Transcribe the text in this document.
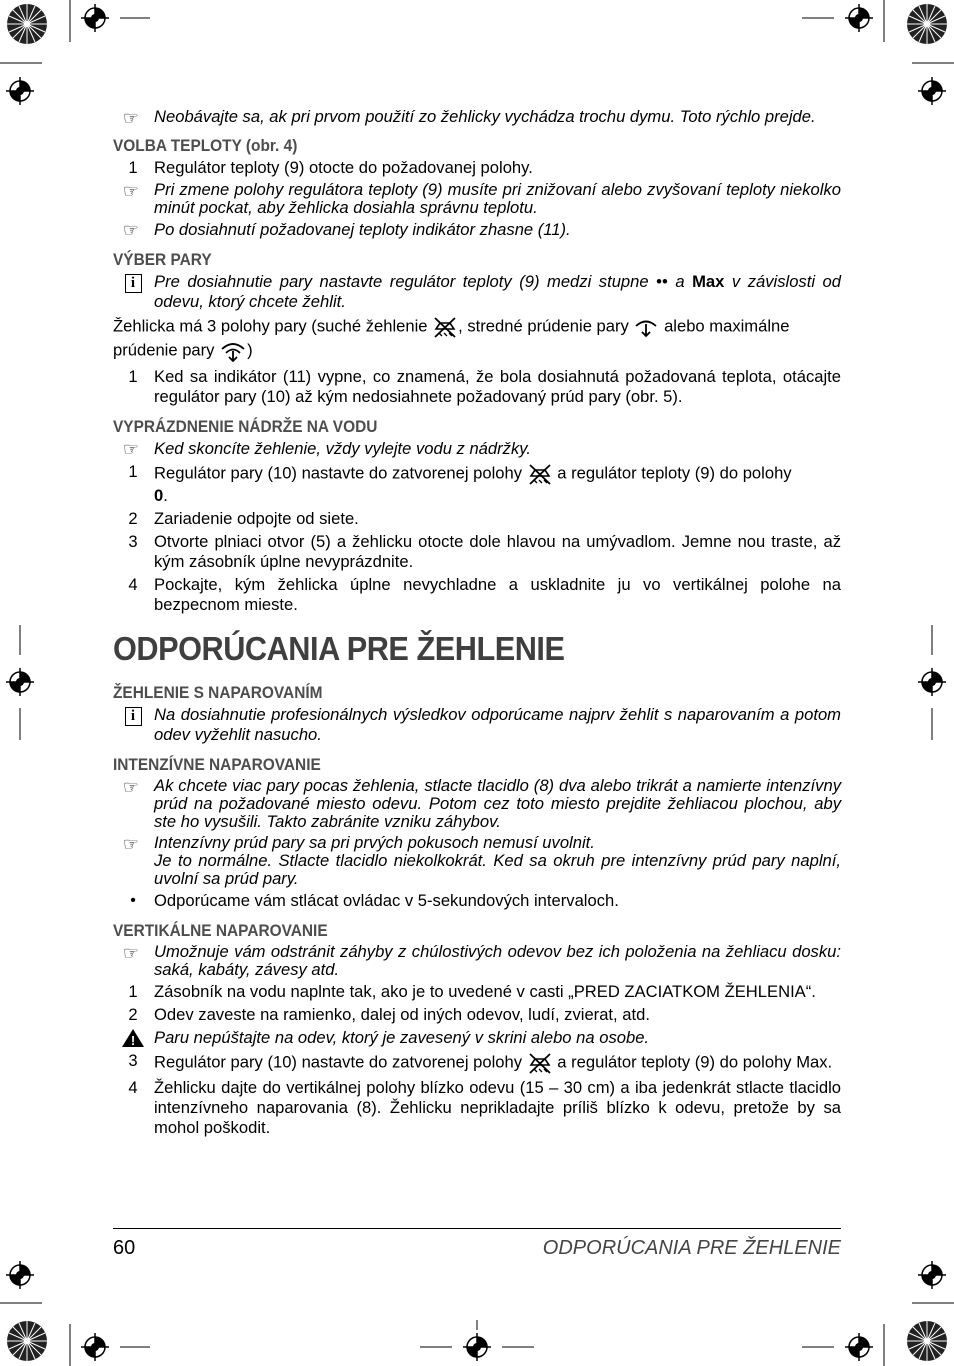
☞ Neobávajte sa, ak pri prvom použití zo žehlicky vychádza trochu dymu. Toto rýchlo prejde.
VOLBA TEPLOTY (obr. 4)
1 Regulátor teploty (9) otocte do požadovanej polohy.
☞ Pri zmene polohy regulátora teploty (9) musíte pri znižovaní alebo zvyšovaní teploty niekolko minút pockat, aby žehlicka dosiahla správnu teplotu.
☞ Po dosiahnutí požadovanej teploty indikátor zhasne (11).
VÝBER PARY
i	Pre dosiahnutie pary nastavte regulátor teploty (9) medzi stupne •• a Max v závislosti od odevu, ktorý chcete žehlit.
Žehlicka má 3 polohy pary (suché žehlenie , stredné prúdenie pary alebo maximálne prúdenie pary )
1 Ked sa indikátor (11) vypne, co znamená, že bola dosiahnutá požadovaná teplota, otácajte regulátor pary (10) až kým nedosiahnete požadovaný prúd pary (obr. 5).
VYPRÁZDNENIE NÁDRŽE NA VODU
☞ Ked skoncíte žehlenie, vždy vylejte vodu z nádržky.
1 Regulátor pary (10) nastavte do zatvorenej polohy a regulátor teploty (9) do polohy
0.
2 Zariadenie odpojte od siete.
3 Otvorte plniaci otvor (5) a žehlicku otocte dole hlavou na umývadlom. Jemne nou traste, až kým zásobník úplne nevyprázdnite.
4 Pockajte, kým žehlicka úplne nevychladne a uskladnite ju vo vertikálnej polohe na bezpecnom mieste.
ODPORÚCANIA PRE ŽEHLENIE
ŽEHLENIE S NAPAROVANÍM
i	Na dosiahnutie profesionálnych výsledkov odporúcame najprv žehlit s naparovaním a potom odev vyžehlit nasucho.
INTENZÍVNE NAPAROVANIE
☞ Ak chcete viac pary pocas žehlenia, stlacte tlacidlo (8) dva alebo trikrát a namierte intenzívny prúd na požadované miesto odevu. Potom cez toto miesto prejdite žehliacou plochou, aby ste ho vysušili. Takto zabránite vzniku záhybov.
☞ Intenzívny prúd pary sa pri prvých pokusoch nemusí uvolnit.
Je to normálne. Stlacte tlacidlo niekolkokrát. Ked sa okruh pre intenzívny prúd pary naplní, uvolní sa prúd pary.
•	Odporúcame vám stlácat ovládac v 5-sekundových intervaloch.
VERTIKÁLNE NAPAROVANIE
☞ Umožnuje vám odstránit záhyby z chúlostivých odevov bez ich položenia na žehliacu dosku: saká, kabáty, závesy atd.
1 Zásobník na vodu naplnte tak, ako je to uvedené v casti „PRED ZACIATKOM ŽEHLENIA“.
2 Odev zaveste na ramienko, dalej od iných odevov, ludí, zvierat, atd.
! Paru nepúštajte na odev, ktorý je zavesený v skrini alebo na osobe.
3 Regulátor pary (10) nastavte do zatvorenej polohy a regulátor teploty (9) do polohy Max.
4 Žehlicku dajte do vertikálnej polohy blízko odevu (15 – 30 cm) a iba jedenkrát stlacte tlacidlo intenzívneho naparovania (8). Žehlicku neprikladajte príliš blízko k odevu, pretože by sa mohol poškodit.
60	ODPORÚCANIA PRE ŽEHLENIE
